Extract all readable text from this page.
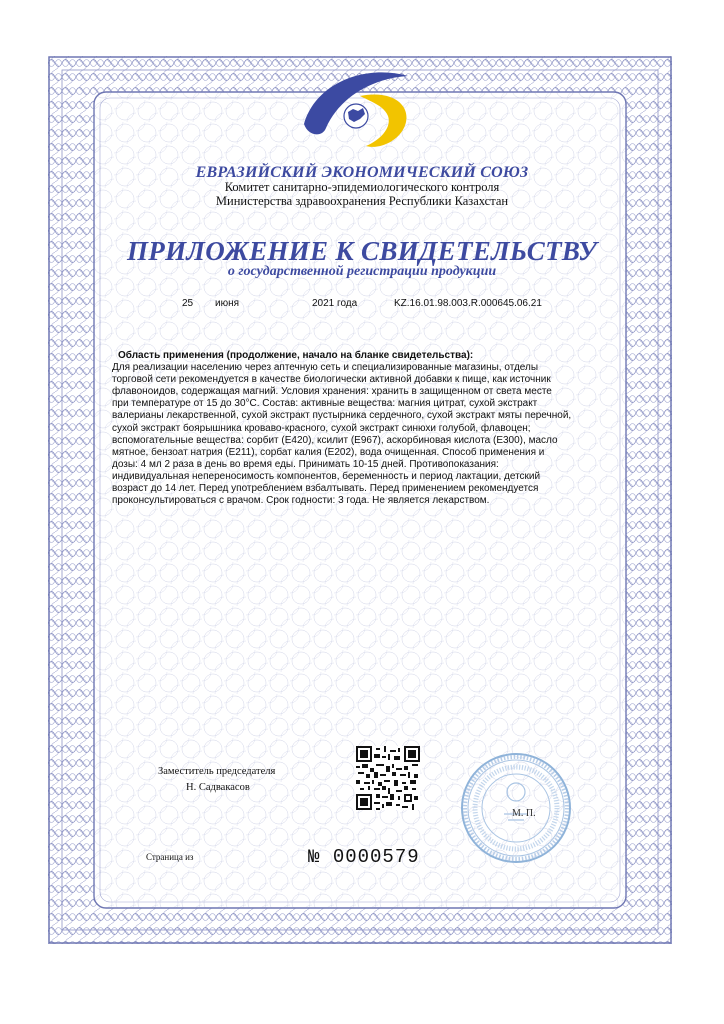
ЕВРАЗИЙСКИЙ ЭКОНОМИЧЕСКИЙ СОЮЗ
Комитет санитарно-эпидемиологического контроля
Министерства здравоохранения Республики Казахстан
ПРИЛОЖЕНИЕ К СВИДЕТЕЛЬСТВУ
о государственной регистрации продукции
25 июня	2021 года	KZ.16.01.98.003.R.000645.06.21
Область применения (продолжение, начало на бланке свидетельства):
Для реализации населению через аптечную сеть и специализированные магазины, отделы
торговой сети рекомендуется в качестве биологически активной добавки к пище, как источник
флавоноидов, содержащая магний. Условия хранения: хранить в защищенном от света месте
при температуре от 15 до 30°С. Состав: активные вещества: магния цитрат, сухой экстракт
валерианы лекарственной, сухой экстракт пустырника сердечного, сухой экстракт мяты перечной,
сухой экстракт боярышника кроваво-красного, сухой экстракт синюхи голубой, флавоцен;
вспомогательные вещества: сорбит (Е420), ксилит (Е967), аскорбиновая кислота (Е300), масло
мятное, бензоат натрия (Е211), сорбат калия (Е202), вода очищенная. Способ применения и
дозы: 4 мл 2 раза в день во время еды. Принимать 10-15 дней. Противопоказания:
индивидуальная непереносимость компонентов, беременность и период лактации, детский
возраст до 14 лет. Перед употреблением взбалтывать. Перед применением рекомендуется
проконсультироваться с врачом. Срок годности: 3 года. Не является лекарством.
Заместитель председателя
Н. Садвакасов
М. П.
Страница из	№ 0000579
